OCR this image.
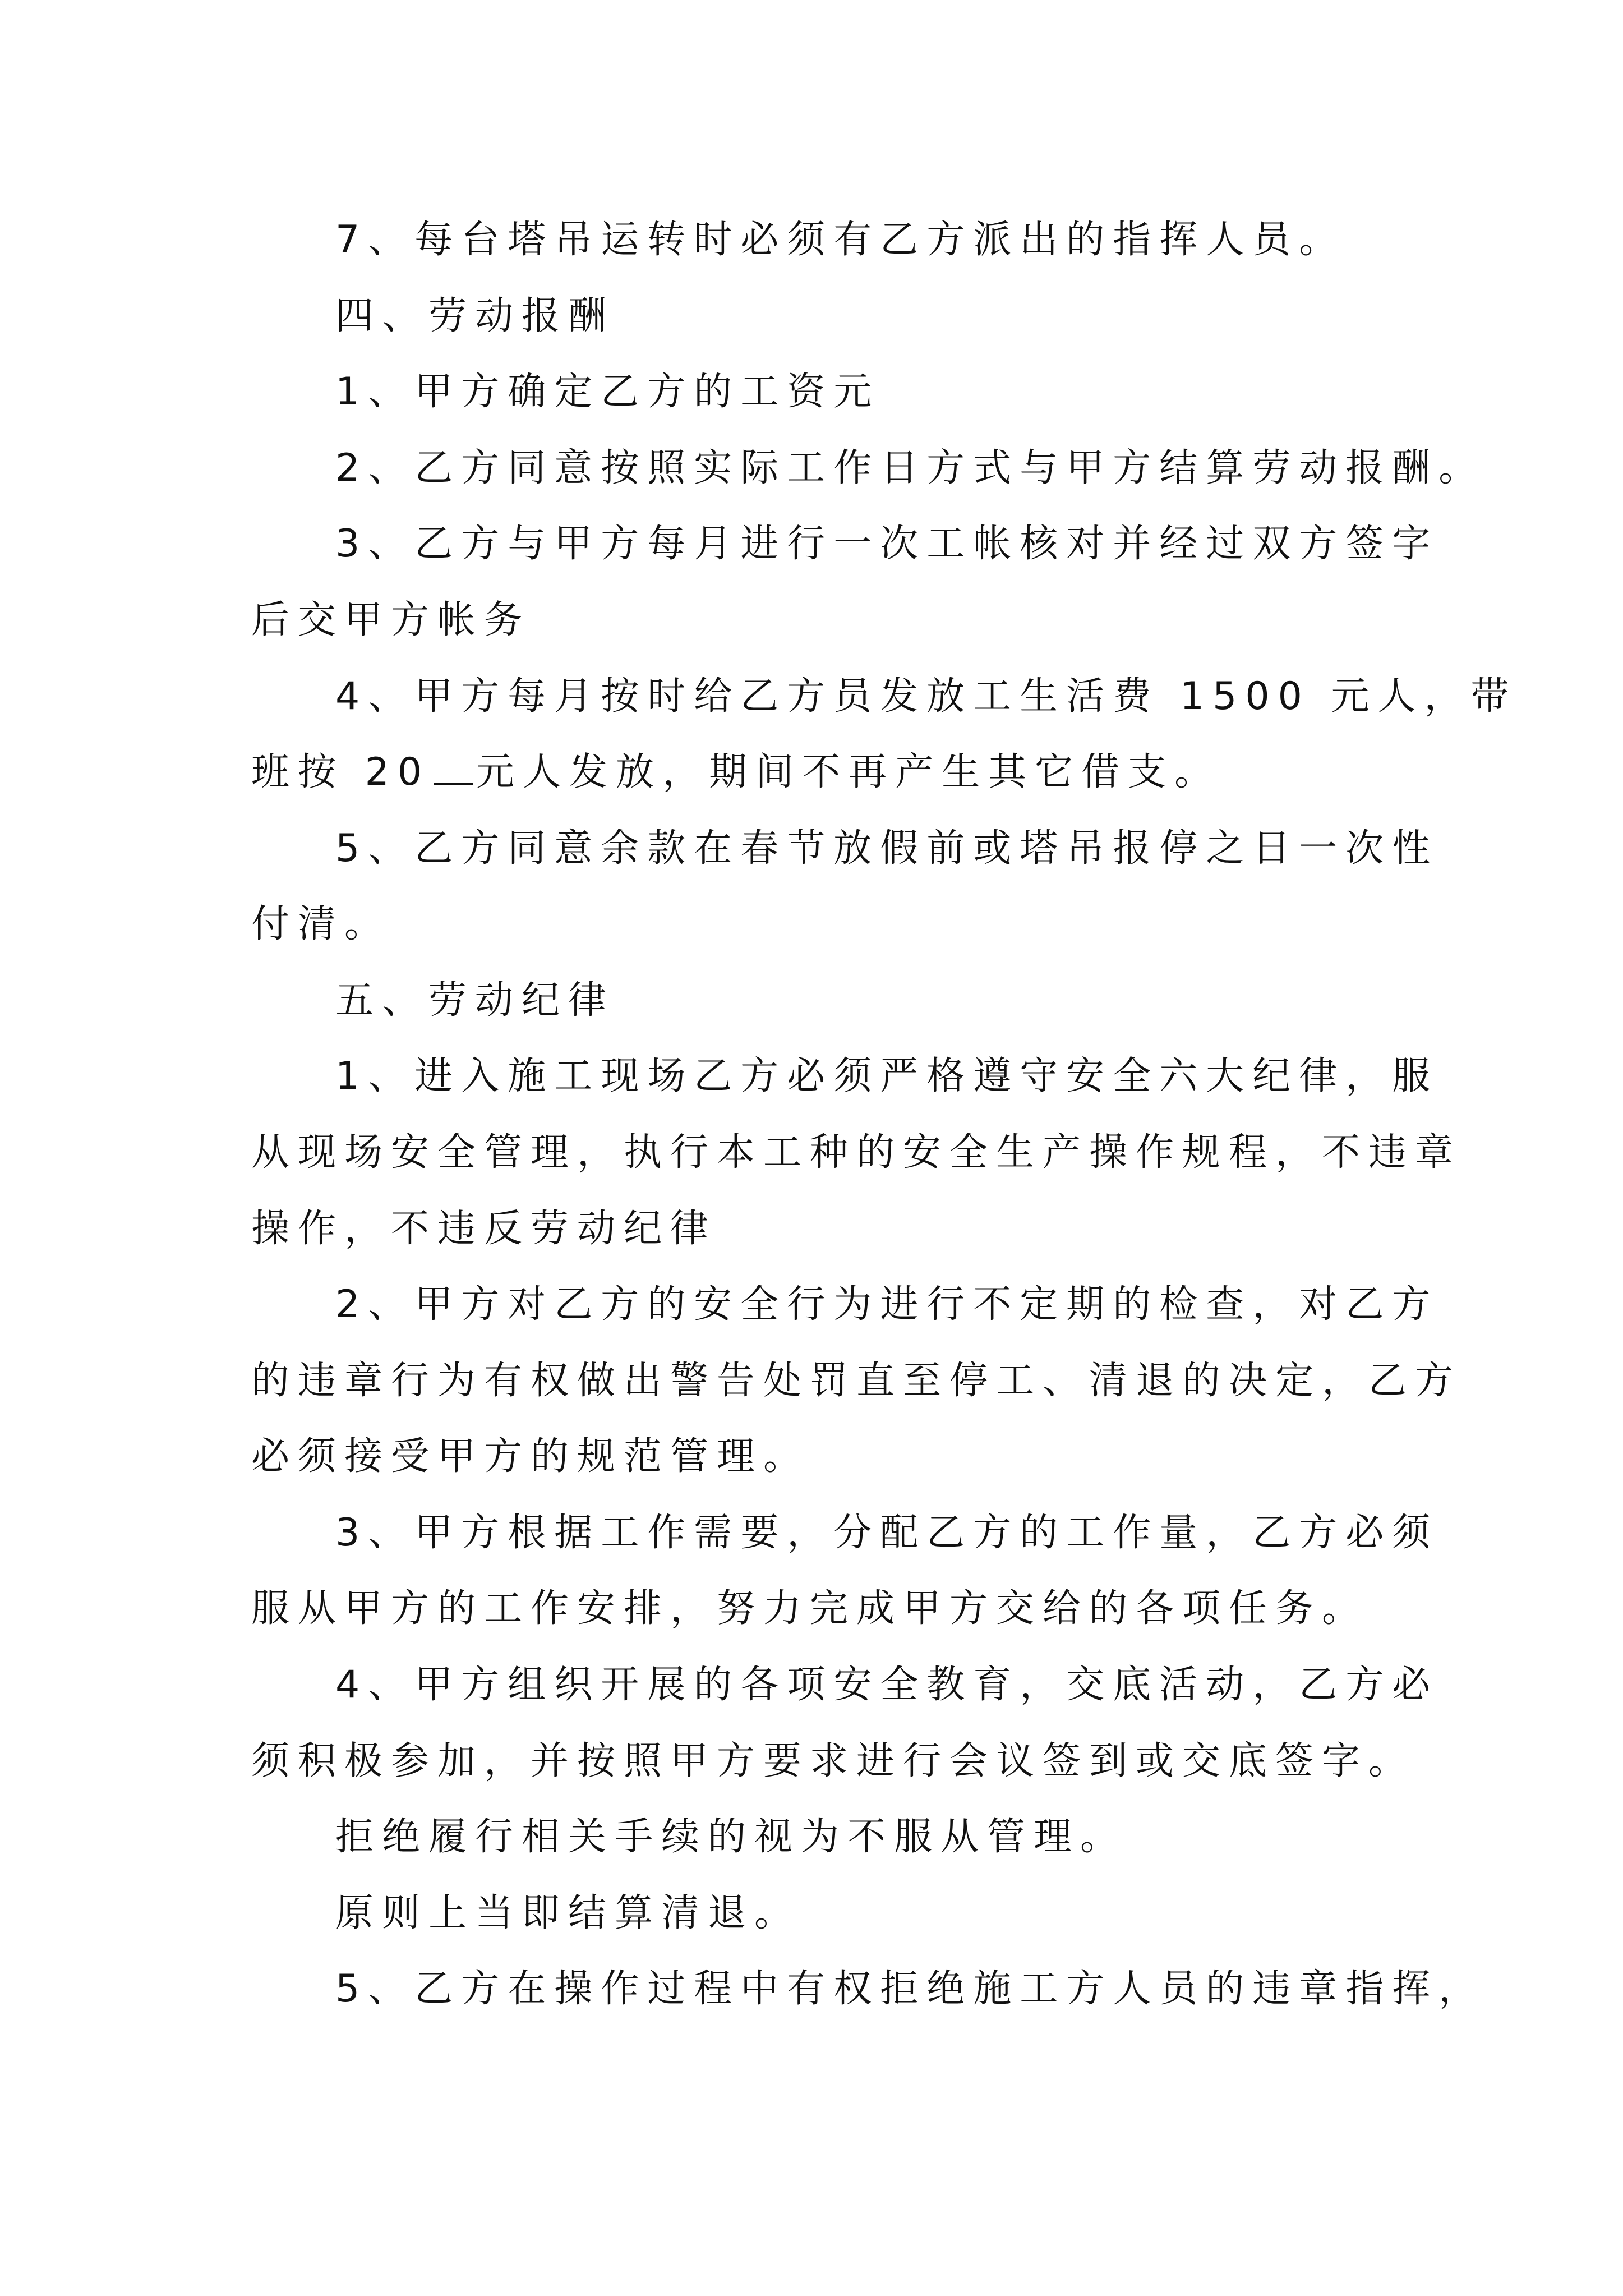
7、每台塔吊运转时必须有乙方派出的指挥人员。

四、劳动报酬

1、甲方确定乙方的工资元

2、乙方同意按照实际工作日方式与甲方结算劳动报酬。

3、乙方与甲方每月进行一次工帐核对并经过双方签字

后交甲方帐务

4、甲方每月按时给乙方员发放工生活费 1500 元人，带

班按 20 元人发放，期间不再产生其它借支。

5、乙方同意余款在春节放假前或塔吊报停之日一次性

付清。

五、劳动纪律

1、进入施工现场乙方必须严格遵守安全六大纪律，服

从现场安全管理，执行本工种的安全生产操作规程，不违章

操作，不违反劳动纪律

2、甲方对乙方的安全行为进行不定期的检查，对乙方

的违章行为有权做出警告处罚直至停工、清退的决定，乙方

必须接受甲方的规范管理。

3、甲方根据工作需要，分配乙方的工作量，乙方必须

服从甲方的工作安排，努力完成甲方交给的各项任务。

4、甲方组织开展的各项安全教育，交底活动，乙方必

须积极参加，并按照甲方要求进行会议签到或交底签字。

拒绝履行相关手续的视为不服从管理。

原则上当即结算清退。

5、乙方在操作过程中有权拒绝施工方人员的违章指挥，
